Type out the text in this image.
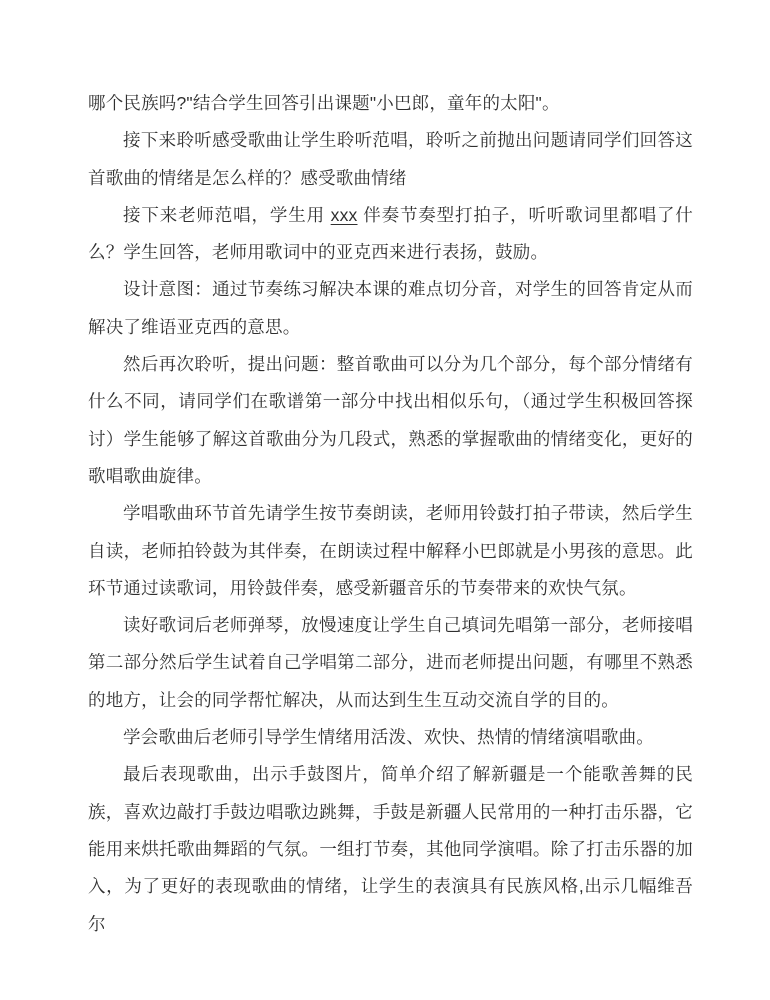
哪个民族吗?"结合学生回答引出课题"小巴郎，童年的太阳"。

接下来聆听感受歌曲让学生聆听范唱，聆听之前抛出问题请同学们回答这首歌曲的情绪是怎么样的？感受歌曲情绪

接下来老师范唱，学生用 xxx 伴奏节奏型打拍子，听听歌词里都唱了什么？学生回答，老师用歌词中的亚克西来进行表扬，鼓励。

设计意图：通过节奏练习解决本课的难点切分音，对学生的回答肯定从而解决了维语亚克西的意思。

然后再次聆听，提出问题：整首歌曲可以分为几个部分，每个部分情绪有什么不同，请同学们在歌谱第一部分中找出相似乐句，（通过学生积极回答探讨）学生能够了解这首歌曲分为几段式，熟悉的掌握歌曲的情绪变化，更好的歌唱歌曲旋律。

学唱歌曲环节首先请学生按节奏朗读，老师用铃鼓打拍子带读，然后学生自读，老师拍铃鼓为其伴奏，在朗读过程中解释小巴郎就是小男孩的意思。此环节通过读歌词，用铃鼓伴奏，感受新疆音乐的节奏带来的欢快气氛。

读好歌词后老师弹琴，放慢速度让学生自己填词先唱第一部分，老师接唱第二部分然后学生试着自己学唱第二部分，进而老师提出问题，有哪里不熟悉的地方，让会的同学帮忙解决，从而达到生生互动交流自学的目的。

学会歌曲后老师引导学生情绪用活泼、欢快、热情的情绪演唱歌曲。

最后表现歌曲，出示手鼓图片，简单介绍了解新疆是一个能歌善舞的民族，喜欢边敲打手鼓边唱歌边跳舞，手鼓是新疆人民常用的一种打击乐器，它能用来烘托歌曲舞蹈的气氛。一组打节奏，其他同学演唱。除了打击乐器的加入，为了更好的表现歌曲的情绪，让学生的表演具有民族风格,出示几幅维吾尔
